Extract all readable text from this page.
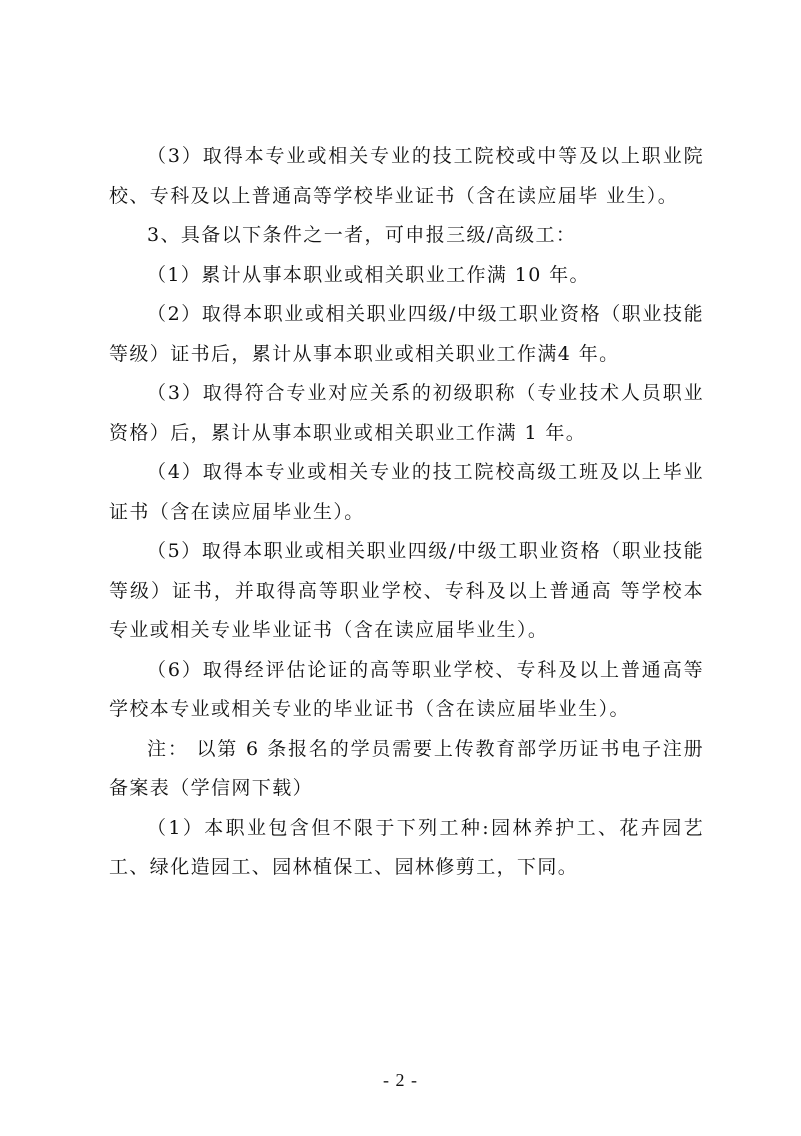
（3）取得本专业或相关专业的技工院校或中等及以上职业院校、专科及以上普通高等学校毕业证书（含在读应届毕 业生）。

3、具备以下条件之一者，可申报三级/高级工：

（1）累计从事本职业或相关职业工作满 10 年。

（2）取得本职业或相关职业四级/中级工职业资格（职业技能等级）证书后，累计从事本职业或相关职业工作满4 年。

（3）取得符合专业对应关系的初级职称（专业技术人员职业资格）后，累计从事本职业或相关职业工作满 1 年。

（4）取得本专业或相关专业的技工院校高级工班及以上毕业证书（含在读应届毕业生）。

（5）取得本职业或相关职业四级/中级工职业资格（职业技能等级）证书，并取得高等职业学校、专科及以上普通高 等学校本专业或相关专业毕业证书（含在读应届毕业生）。

（6）取得经评估论证的高等职业学校、专科及以上普通高等学校本专业或相关专业的毕业证书（含在读应届毕业生）。

注： 以第 6 条报名的学员需要上传教育部学历证书电子注册备案表（学信网下载）

（1）本职业包含但不限于下列工种:园林养护工、花卉园艺工、绿化造园工、园林植保工、园林修剪工，下同。

- 2 -
